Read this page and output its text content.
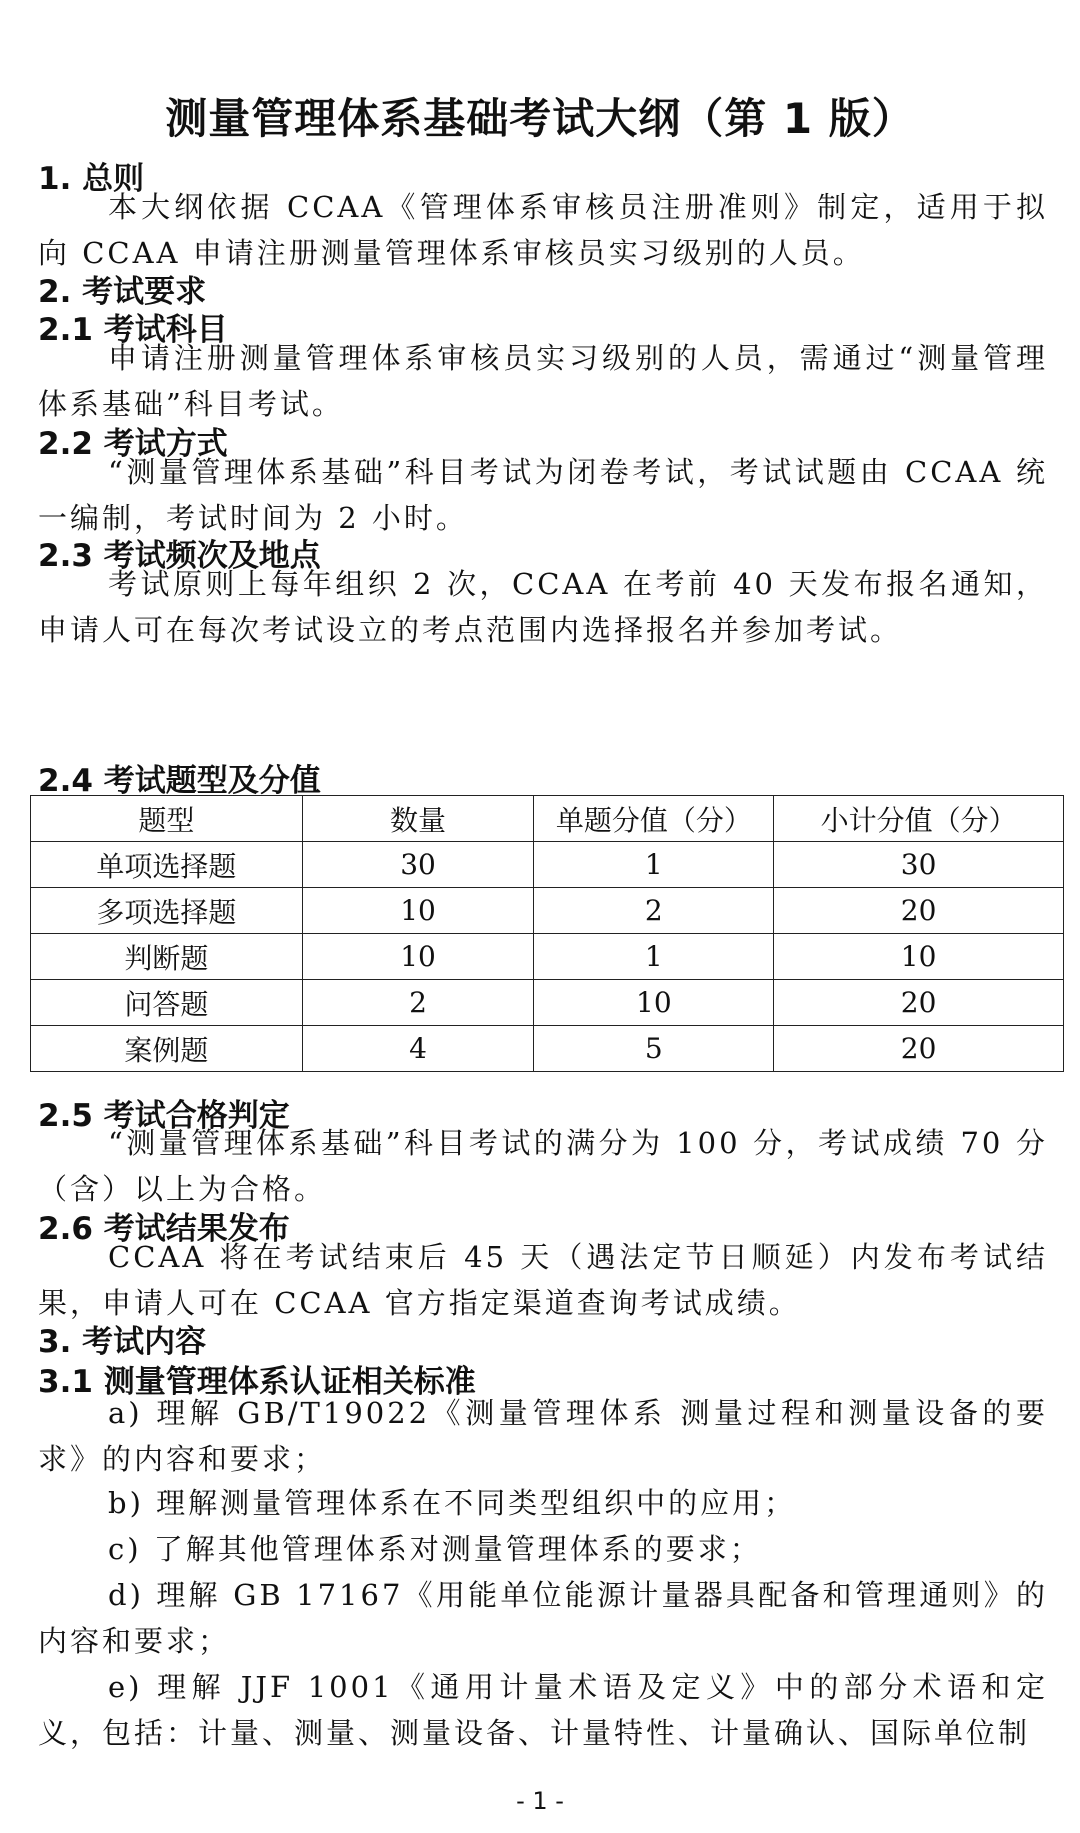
测量管理体系基础考试大纲（第 1 版）
1. 总则

本大纲依据 CCAA《管理体系审核员注册准则》制定，适用于拟向 CCAA 申请注册测量管理体系审核员实习级别的人员。

2. 考试要求
2.1 考试科目

申请注册测量管理体系审核员实习级别的人员，需通过“测量管理体系基础”科目考试。

2.2 考试方式

“测量管理体系基础”科目考试为闭卷考试，考试试题由 CCAA 统一编制，考试时间为 2 小时。

2.3 考试频次及地点

考试原则上每年组织 2 次，CCAA 在考前 40 天发布报名通知，申请人可在每次考试设立的考点范围内选择报名并参加考试。

2.4 考试题型及分值
题型	数量	单题分值（分）	小计分值（分）
单项选择题	30	1	30
多项选择题	10	2	20
判断题	10	1	10
问答题	2	10	20
案例题	4	5	20
2.5 考试合格判定

“测量管理体系基础”科目考试的满分为 100 分，考试成绩 70 分（含）以上为合格。

2.6 考试结果发布

CCAA 将在考试结束后 45 天（遇法定节日顺延）内发布考试结果，申请人可在 CCAA 官方指定渠道查询考试成绩。

3. 考试内容
3.1 测量管理体系认证相关标准

a) 理解 GB/T19022《测量管理体系 测量过程和测量设备的要求》的内容和要求；

b) 理解测量管理体系在不同类型组织中的应用；

c) 了解其他管理体系对测量管理体系的要求；

d) 理解 GB 17167《用能单位能源计量器具配备和管理通则》的内容和要求；

e) 理解 JJF 1001《通用计量术语及定义》中的部分术语和定义，包括：计量、测量、测量设备、计量特性、计量确认、国际单位制

- 1 -
